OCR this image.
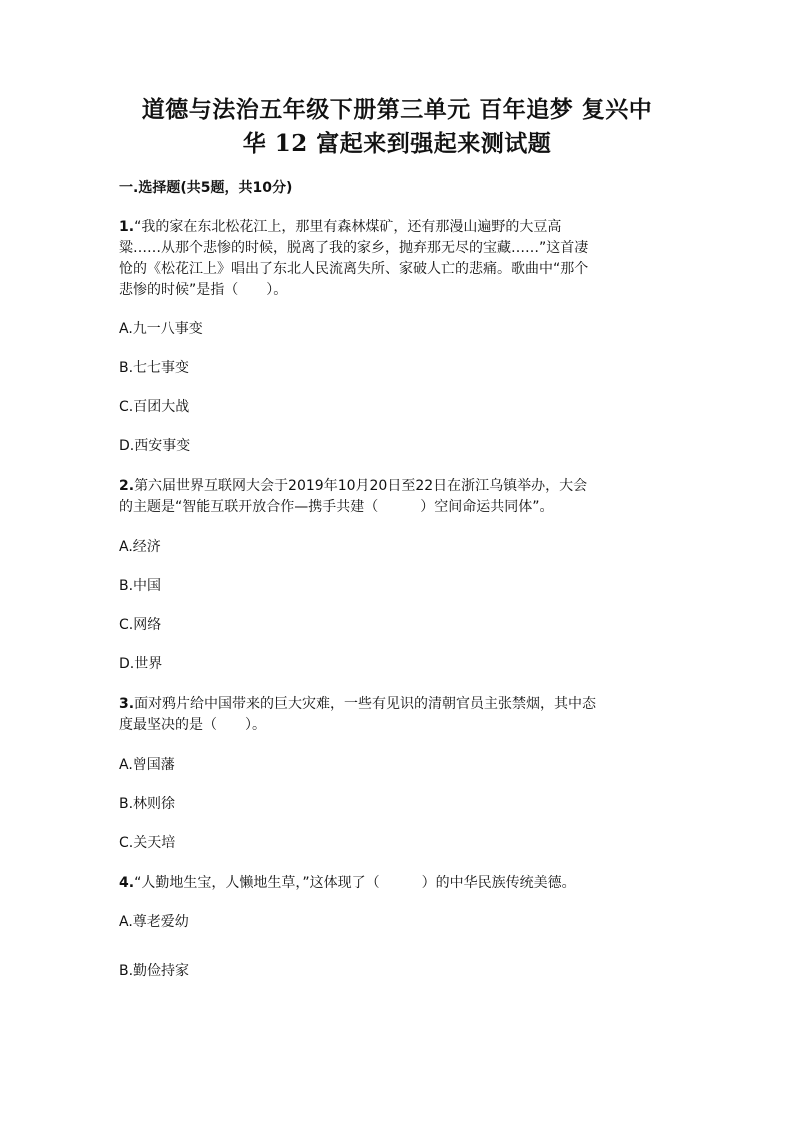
道德与法治五年级下册第三单元 百年追梦 复兴中
华 12 富起来到强起来测试题
一.选择题(共5题，共10分)
1.“我的家在东北松花江上，那里有森林煤矿，还有那漫山遍野的大豆高
粱……从那个悲惨的时候，脱离了我的家乡，抛弃那无尽的宝藏……”这首凄
怆的《松花江上》唱出了东北人民流离失所、家破人亡的悲痛。歌曲中“那个
悲惨的时候”是指（　　）。
A.九一八事变
B.七七事变
C.百团大战
D.西安事变
2.第六届世界互联网大会于2019年10月20日至22日在浙江乌镇举办，大会
的主题是“智能互联开放合作—携手共建（　　　）空间命运共同体”。
A.经济
B.中国
C.网络
D.世界
3.面对鸦片给中国带来的巨大灾难，一些有见识的清朝官员主张禁烟，其中态
度最坚决的是（　　）。
A.曾国藩
B.林则徐
C.关天培
4.“人勤地生宝，人懒地生草，”这体现了（　　　）的中华民族传统美德。
A.尊老爱幼
B.勤俭持家
